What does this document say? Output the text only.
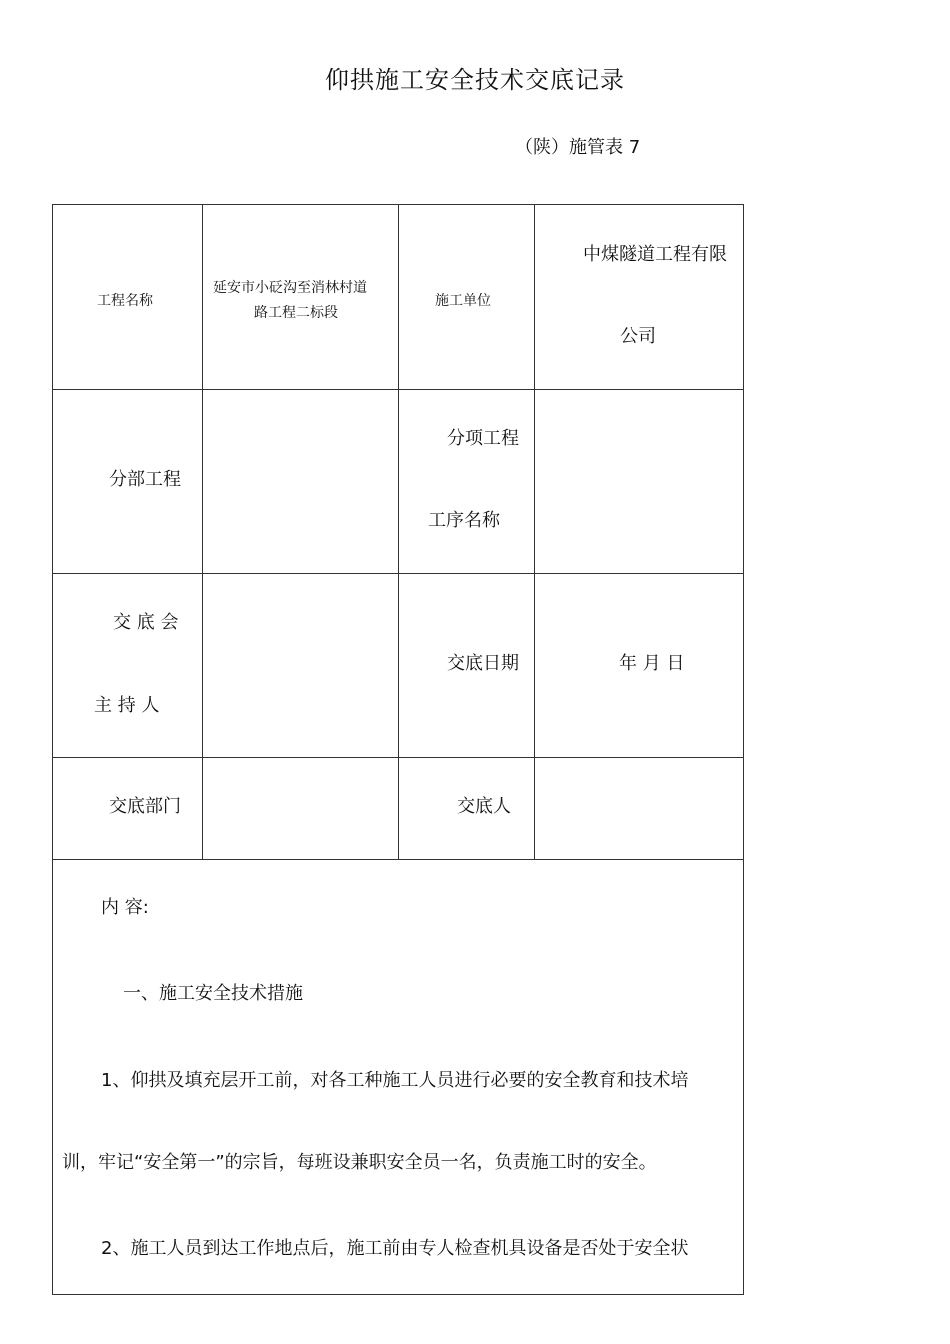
仰拱施工安全技术交底记录
（陕）施管表 7
工程名称
延安市小砭沟至消林村道
路工程二标段
施工单位
中煤隧道工程有限
公司
分部工程
分项工程
工序名称
交 底 会
主 持 人
交底日期	年 月 日
交底部门	交底人
内 容:
一、施工安全技术措施
1、仰拱及填充层开工前，对各工种施工人员进行必要的安全教育和技术培
训，牢记“安全第一”的宗旨，每班设兼职安全员一名，负责施工时的安全。
2、施工人员到达工作地点后，施工前由专人检查机具设备是否处于安全状
